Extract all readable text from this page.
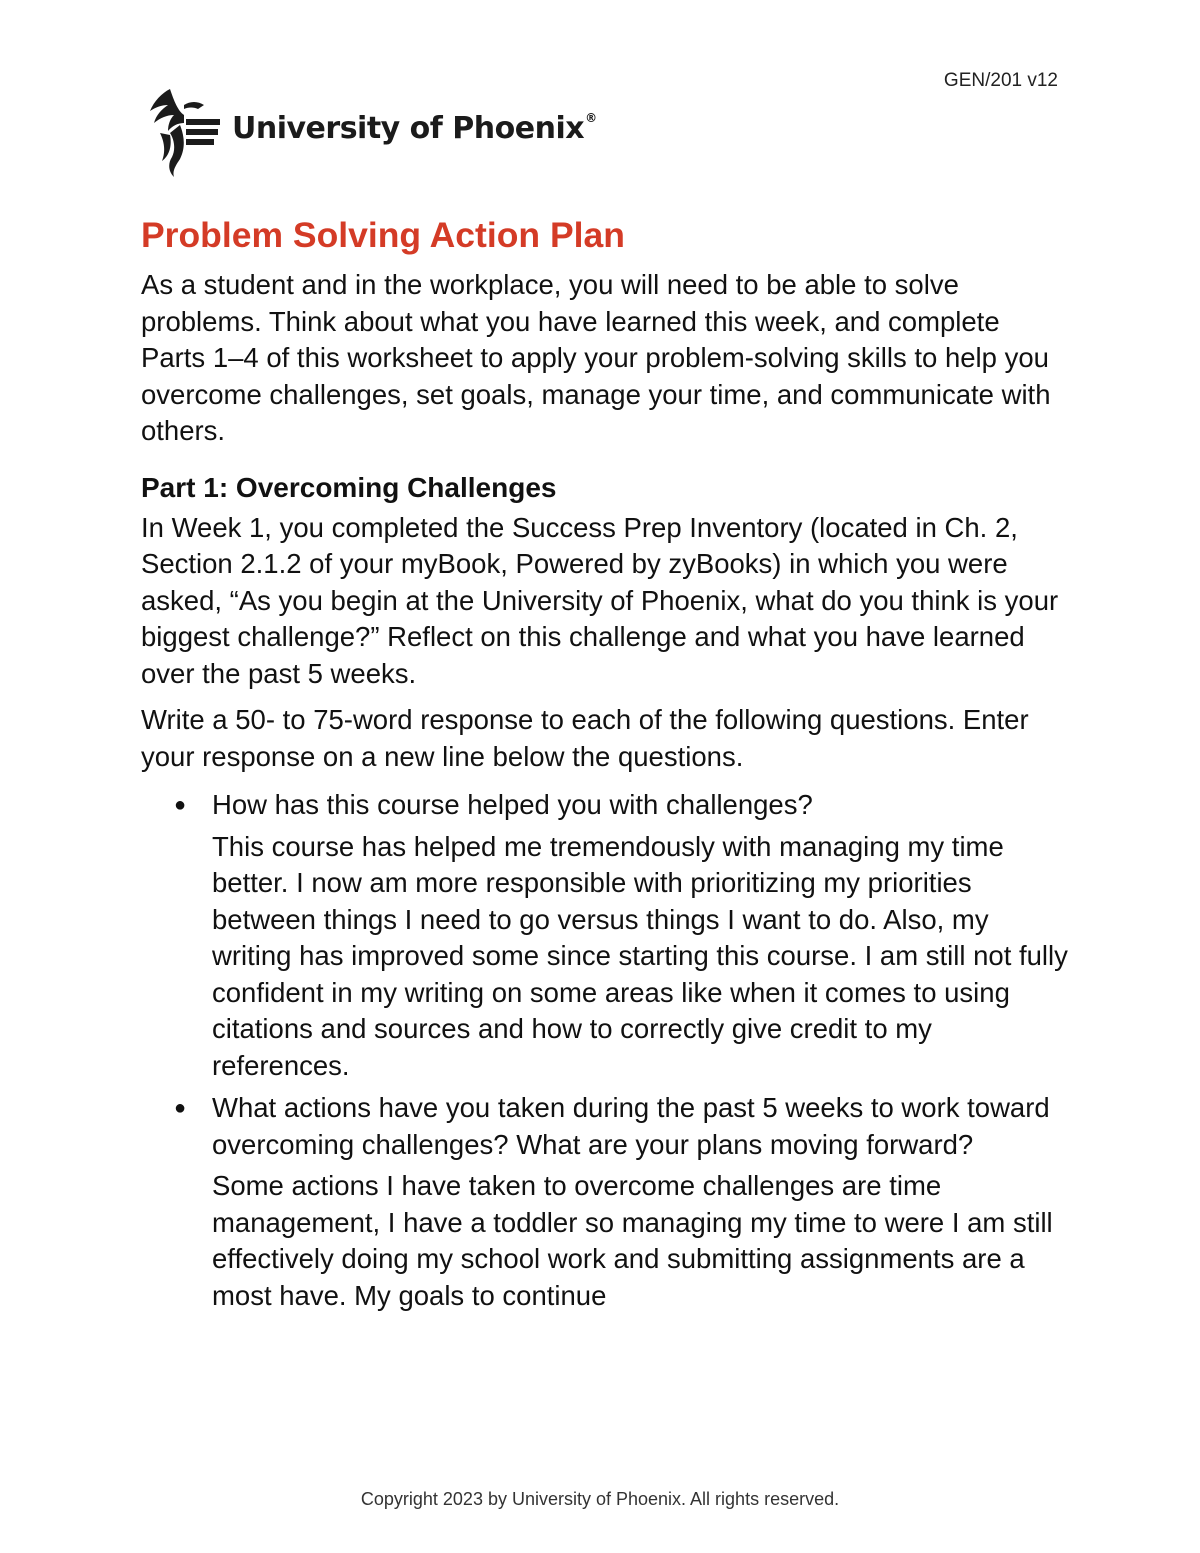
GEN/201 v12
University of Phoenix®
Problem Solving Action Plan

As a student and in the workplace, you will need to be able to solve problems. Think about what you have learned this week, and complete Parts 1–4 of this worksheet to apply your problem-solving skills to help you overcome challenges, set goals, manage your time, and communicate with others.

Part 1: Overcoming Challenges

In Week 1, you completed the Success Prep Inventory (located in Ch. 2, Section 2.1.2 of your myBook, Powered by zyBooks) in which you were asked, “As you begin at the University of Phoenix, what do you think is your biggest challenge?” Reflect on this challenge and what you have learned over the past 5 weeks.

Write a 50- to 75-word response to each of the following questions. Enter your response on a new line below the questions.

● How has this course helped you with challenges?
This course has helped me tremendously with managing my time better. I now am more responsible with prioritizing my priorities between things I need to go versus things I want to do. Also, my writing has improved some since starting this course. I am still not fully confident in my writing on some areas like when it comes to using citations and sources and how to correctly give credit to my references.
● What actions have you taken during the past 5 weeks to work toward overcoming challenges? What are your plans moving forward?
Some actions I have taken to overcome challenges are time management, I have a toddler so managing my time to were I am still effectively doing my school work and submitting assignments are a most have. My goals to continue
Copyright 2023 by University of Phoenix. All rights reserved.
